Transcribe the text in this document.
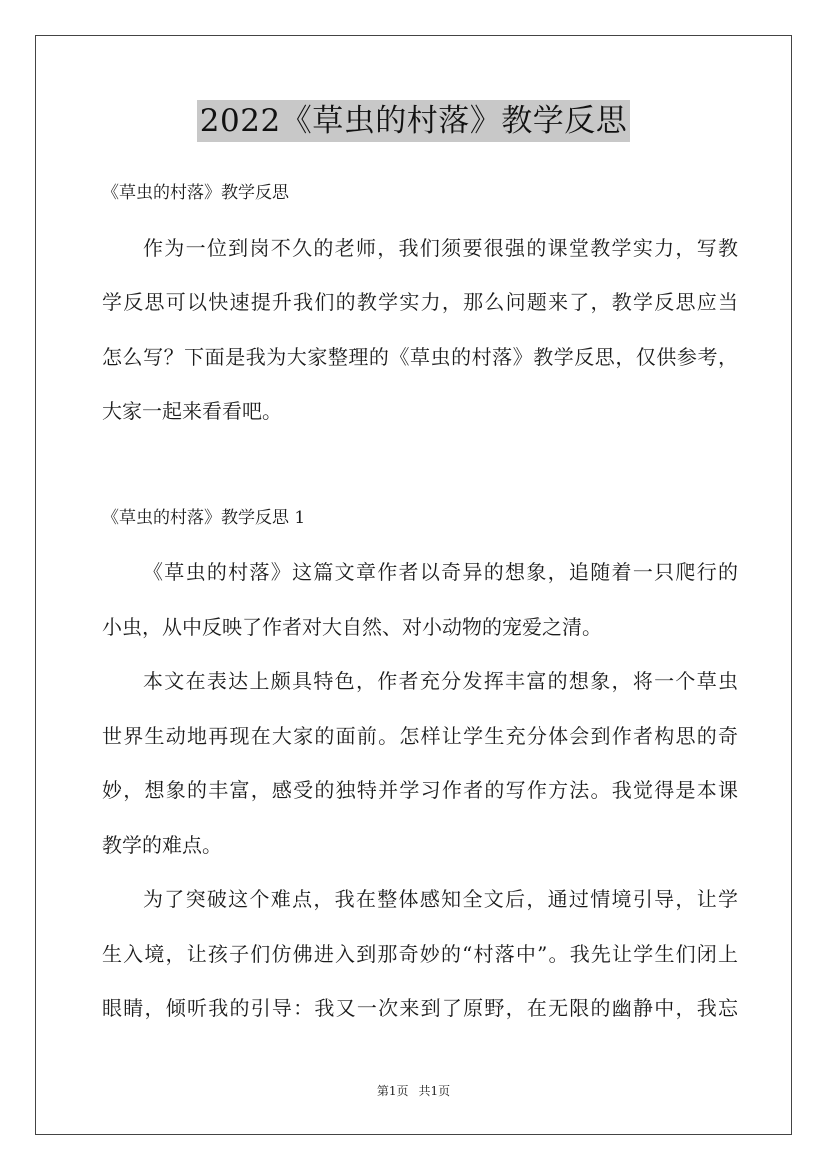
2022《草虫的村落》教学反思
《草虫的村落》教学反思
作为一位到岗不久的老师，我们须要很强的课堂教学实力，写教
学反思可以快速提升我们的教学实力，那么问题来了，教学反思应当
怎么写？下面是我为大家整理的《草虫的村落》教学反思，仅供参考，
大家一起来看看吧。
《草虫的村落》教学反思 1
《草虫的村落》这篇文章作者以奇异的想象，追随着一只爬行的
小虫，从中反映了作者对大自然、对小动物的宠爱之清。
本文在表达上颇具特色，作者充分发挥丰富的想象，将一个草虫
世界生动地再现在大家的面前。怎样让学生充分体会到作者构思的奇
妙，想象的丰富，感受的独特并学习作者的写作方法。我觉得是本课
教学的难点。
为了突破这个难点，我在整体感知全文后，通过情境引导，让学
生入境，让孩子们仿佛进入到那奇妙的“村落中”。我先让学生们闭上
眼睛，倾听我的引导：我又一次来到了原野，在无限的幽静中，我忘
第1页 共1页
